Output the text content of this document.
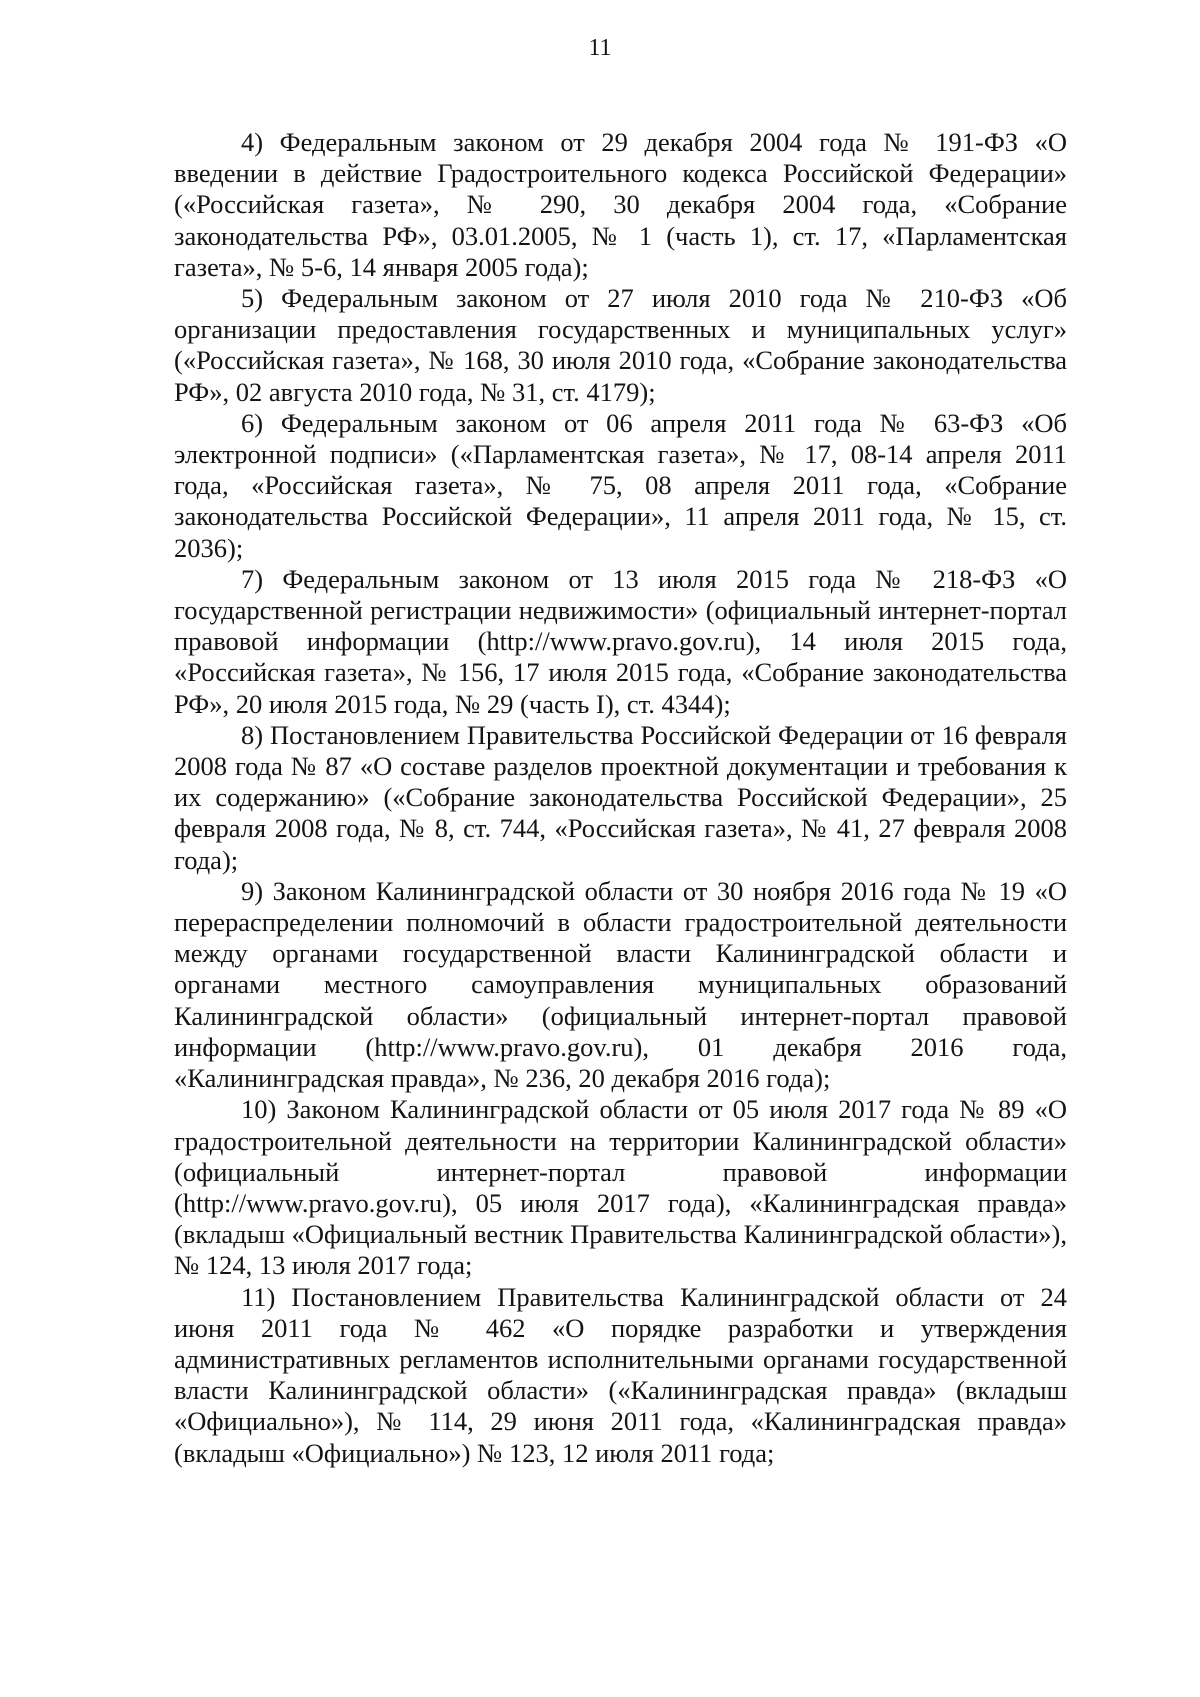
11

4) Федеральным законом от 29 декабря 2004 года № 191-ФЗ «О введении в действие Градостроительного кодекса Российской Федерации» («Российская газета», № 290, 30 декабря 2004 года, «Собрание законодательства РФ», 03.01.2005, № 1 (часть 1), ст. 17, «Парламентская газета», № 5-6, 14 января 2005 года);

5) Федеральным законом от 27 июля 2010 года № 210-ФЗ «Об организации предоставления государственных и муниципальных услуг» («Российская газета», № 168, 30 июля 2010 года, «Собрание законодательства РФ», 02 августа 2010 года, № 31, ст. 4179);

6) Федеральным законом от 06 апреля 2011 года № 63-ФЗ «Об электронной подписи» («Парламентская газета», № 17, 08-14 апреля 2011 года, «Российская газета», № 75, 08 апреля 2011 года, «Собрание законодательства Российской Федерации», 11 апреля 2011 года, № 15, ст. 2036);

7) Федеральным законом от 13 июля 2015 года № 218-ФЗ «О государственной регистрации недвижимости» (официальный интернет-портал правовой информации (http://www.pravo.gov.ru), 14 июля 2015 года, «Российская газета», № 156, 17 июля 2015 года, «Собрание законодательства РФ», 20 июля 2015 года, № 29 (часть I), ст. 4344);

8) Постановлением Правительства Российской Федерации от 16 февраля 2008 года № 87 «О составе разделов проектной документации и требования к их содержанию» («Собрание законодательства Российской Федерации», 25 февраля 2008 года, № 8, ст. 744, «Российская газета», № 41, 27 февраля 2008 года);

9) Законом Калининградской области от 30 ноября 2016 года № 19 «О перераспределении полномочий в области градостроительной деятельности между органами государственной власти Калининградской области и органами местного самоуправления муниципальных образований Калининградской области» (официальный интернет-портал правовой информации (http://www.pravo.gov.ru), 01 декабря 2016 года, «Калининградская правда», № 236, 20 декабря 2016 года);

10) Законом Калининградской области от 05 июля 2017 года № 89 «О градостроительной деятельности на территории Калининградской области» (официальный интернет-портал правовой информации (http://www.pravo.gov.ru), 05 июля 2017 года), «Калининградская правда» (вкладыш «Официальный вестник Правительства Калининградской области»), № 124, 13 июля 2017 года;

11) Постановлением Правительства Калининградской области от 24 июня 2011 года № 462 «О порядке разработки и утверждения административных регламентов исполнительными органами государственной власти Калининградской области» («Калининградская правда» (вкладыш «Официально»), № 114, 29 июня 2011 года, «Калининградская правда» (вкладыш «Официально») № 123, 12 июля 2011 года;
